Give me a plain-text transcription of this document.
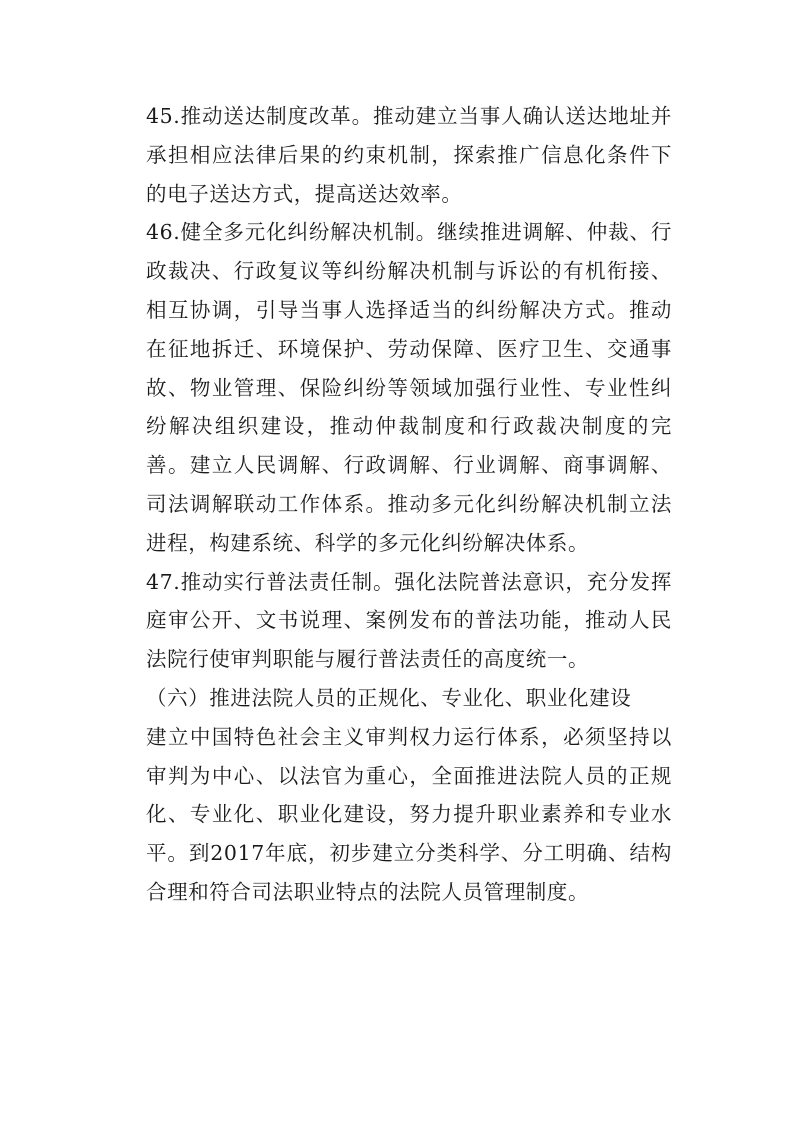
45.推动送达制度改革。推动建立当事人确认送达地址并承担相应法律后果的约束机制，探索推广信息化条件下的电子送达方式，提高送达效率。

46.健全多元化纠纷解决机制。继续推进调解、仲裁、行政裁决、行政复议等纠纷解决机制与诉讼的有机衔接、相互协调，引导当事人选择适当的纠纷解决方式。推动在征地拆迁、环境保护、劳动保障、医疗卫生、交通事故、物业管理、保险纠纷等领域加强行业性、专业性纠纷解决组织建设，推动仲裁制度和行政裁决制度的完善。建立人民调解、行政调解、行业调解、商事调解、司法调解联动工作体系。推动多元化纠纷解决机制立法进程，构建系统、科学的多元化纠纷解决体系。

47.推动实行普法责任制。强化法院普法意识，充分发挥庭审公开、文书说理、案例发布的普法功能，推动人民法院行使审判职能与履行普法责任的高度统一。

（六）推进法院人员的正规化、专业化、职业化建设

建立中国特色社会主义审判权力运行体系，必须坚持以审判为中心、以法官为重心，全面推进法院人员的正规化、专业化、职业化建设，努力提升职业素养和专业水平。到2017年底，初步建立分类科学、分工明确、结构合理和符合司法职业特点的法院人员管理制度。
